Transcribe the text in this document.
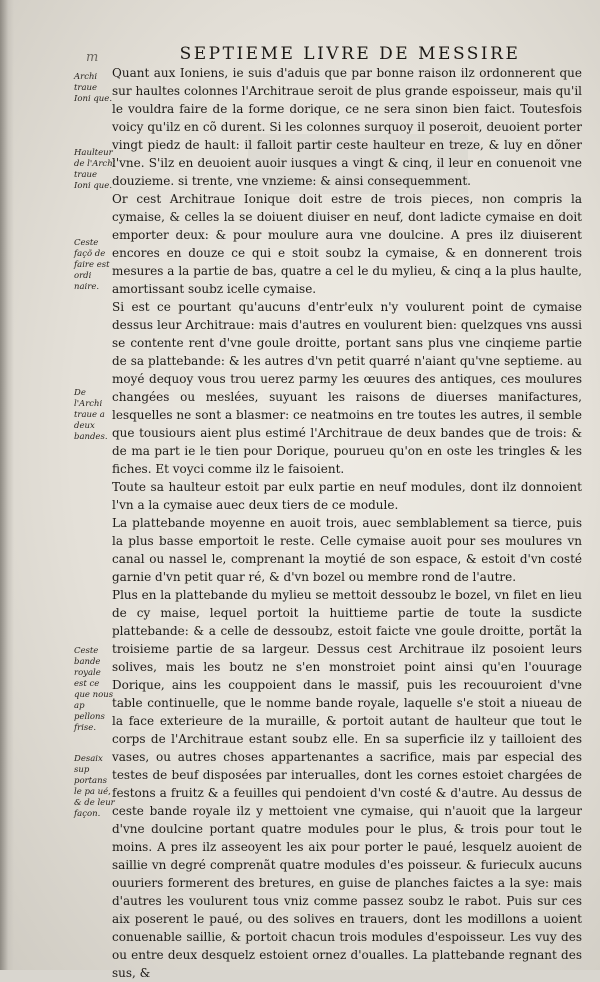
m	SEPTIEME LIVRE DE MESSIRE
Archi traue Ioni que.
Haulteur de l'Archi traue Ioni que.
Ceste façõ de faire est ordi naire.
De l'Archi traue a deux bandes.
Ceste bande royale est ce que nous ap pellons frise.
Desaix sup portans le pa ué, & de leur façon.

Quant aux Ioniens, ie suis d'aduis que par bonne raison ilz ordonnerent que sur haultes colonnes l'Architraue seroit de plus grande espoisseur, mais qu'il le vouldra faire de la forme dorique, ce ne sera sinon bien faict. Toutesfois voicy qu'ilz en cõ durent. Si les colonnes surquoy il poseroit, deuoient porter vingt piedz de hault: il falloit partir ceste haulteur en treze, & luy en dõner l'vne. S'ilz en deuoient auoir iusques a vingt & cinq, il leur en conuenoit vne douzieme. si trente, vne vnzieme: & ainsi consequemment.

Or cest Architraue Ionique doit estre de trois pieces, non compris la cymaise, & celles la se doiuent diuiser en neuf, dont ladicte cymaise en doit emporter deux: & pour moulure aura vne doulcine. A pres ilz diuiserent encores en douze ce qui e stoit soubz la cymaise, & en donnerent trois mesures a la partie de bas, quatre a cel le du mylieu, & cinq a la plus haulte, amortissant soubz icelle cymaise.

Si est ce pourtant qu'aucuns d'entr'eulx n'y voulurent point de cymaise dessus leur Architraue: mais d'autres en voulurent bien: quelzques vns aussi se contente rent d'vne goule droitte, portant sans plus vne cinqieme partie de sa plattebande: & les autres d'vn petit quarré n'aiant qu'vne septieme. au moyé dequoy vous trou uerez parmy les œuures des antiques, ces moulures changées ou meslées, suyuant les raisons de diuerses manifactures, lesquelles ne sont a blasmer: ce neatmoins en tre toutes les autres, il semble que tousiours aient plus estimé l'Architraue de deux bandes que de trois: & de ma part ie le tien pour Dorique, pourueu qu'on en oste les tringles & les fiches. Et voyci comme ilz le faisoient.

Toute sa haulteur estoit par eulx partie en neuf modules, dont ilz donnoient l'vn a la cymaise auec deux tiers de ce module.

La plattebande moyenne en auoit trois, auec semblablement sa tierce, puis la plus basse emportoit le reste. Celle cymaise auoit pour ses moulures vn canal ou nassel le, comprenant la moytié de son espace, & estoit d'vn costé garnie d'vn petit quar ré, & d'vn bozel ou membre rond de l'autre.

Plus en la plattebande du mylieu se mettoit dessoubz le bozel, vn filet en lieu de cy maise, lequel portoit la huittieme partie de toute la susdicte plattebande: & a celle de dessoubz, estoit faicte vne goule droitte, portãt la troisieme partie de sa largeur. Dessus cest Architraue ilz posoient leurs solives, mais les boutz ne s'en monstroiet point ainsi qu'en l'ouurage Dorique, ains les couppoient dans le massif, puis les recouuroient d'vne table continuelle, que le nomme bande royale, laquelle s'e stoit a niueau de la face exterieure de la muraille, & portoit autant de haulteur que tout le corps de l'Architraue estant soubz elle. En sa superficie ilz y tailloient des vases, ou autres choses appartenantes a sacrifice, mais par especial des testes de beuf disposées par interualles, dont les cornes estoiet chargées de festons a fruitz & a feuilles qui pendoient d'vn costé & d'autre. Au dessus de ceste bande royale ilz y mettoient vne cymaise, qui n'auoit que la largeur d'vne doulcine portant quatre modules pour le plus, & trois pour tout le moins. A pres ilz asseoyent les aix pour porter le paué, lesquelz auoient de saillie vn degré comprenãt quatre modules d'es poisseur. & furieculx aucuns ouuriers formerent des bretures, en guise de planches faictes a la sye: mais d'autres les voulurent tous vniz comme passez soubz le rabot. Puis sur ces aix poserent le paué, ou des solives en trauers, dont les modillons a uoient conuenable saillie, & portoit chacun trois modules d'espoisseur. Les vuy des ou entre deux desquelz estoient ornez d'oualles. La plattebande regnant des sus, &
